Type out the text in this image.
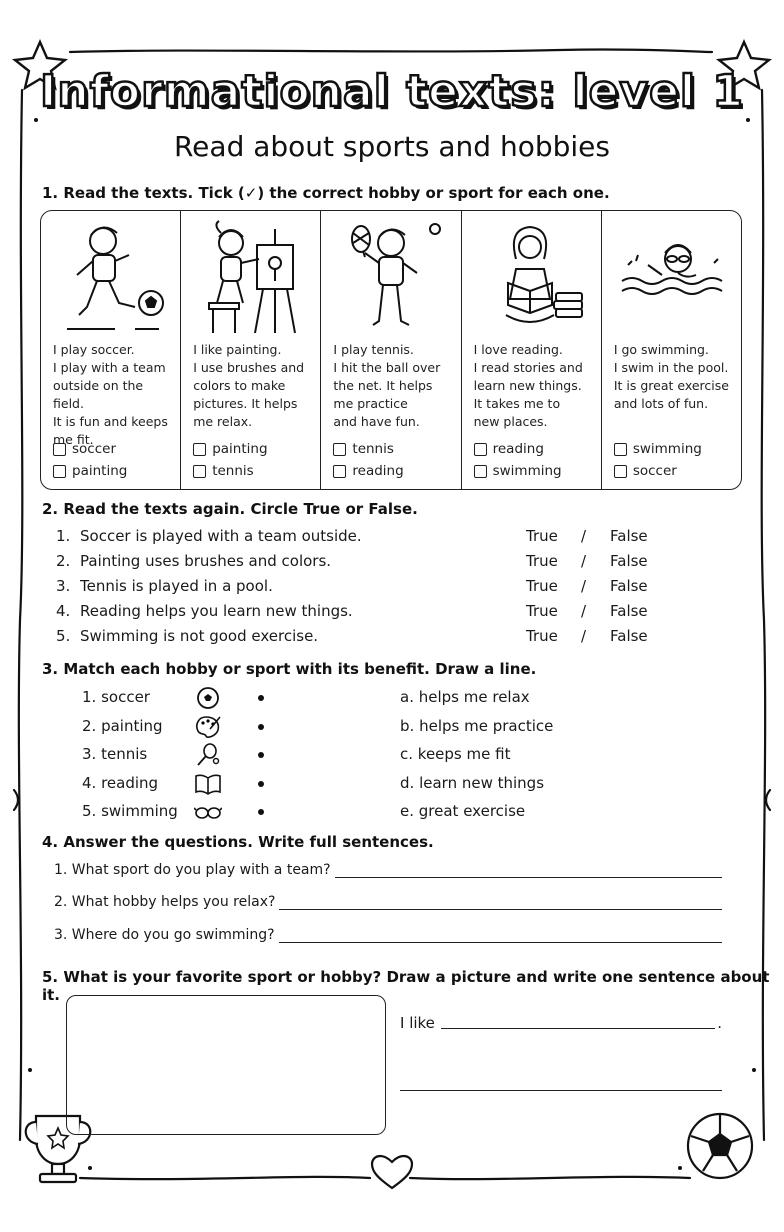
Informational texts: level 1
Read about sports and hobbies
1. Read the texts. Tick (✓) the correct hobby or sport for each one.
I play soccer.
I play with a team
outside on the field.
It is fun and keeps
me fit.
soccer
painting
I like painting.
I use brushes and
colors to make
pictures. It helps
me relax.
painting
tennis
I play tennis.
I hit the ball over
the net. It helps
me practice
and have fun.
tennis
reading
I love reading.
I read stories and
learn new things.
It takes me to
new places.
reading
swimming
I go swimming.
I swim in the pool.
It is great exercise
and lots of fun.
swimming
soccer
2. Read the texts again. Circle True or False.
1. Soccer is played with a team outside.	True / False
2. Painting uses brushes and colors.	True / False
3. Tennis is played in a pool.	True / False
4. Reading helps you learn new things.	True / False
5. Swimming is not good exercise.	True / False
3. Match each hobby or sport with its benefit. Draw a line.
1. soccer	a. helps me relax
2. painting	b. helps me practice
3. tennis	c. keeps me fit
4. reading	d. learn new things
5. swimming	e. great exercise
4. Answer the questions. Write full sentences.
1. What sport do you play with a team?
2. What hobby helps you relax?
3. Where do you go swimming?
5. What is your favorite sport or hobby? Draw a picture and write one sentence about it.
I like	.
